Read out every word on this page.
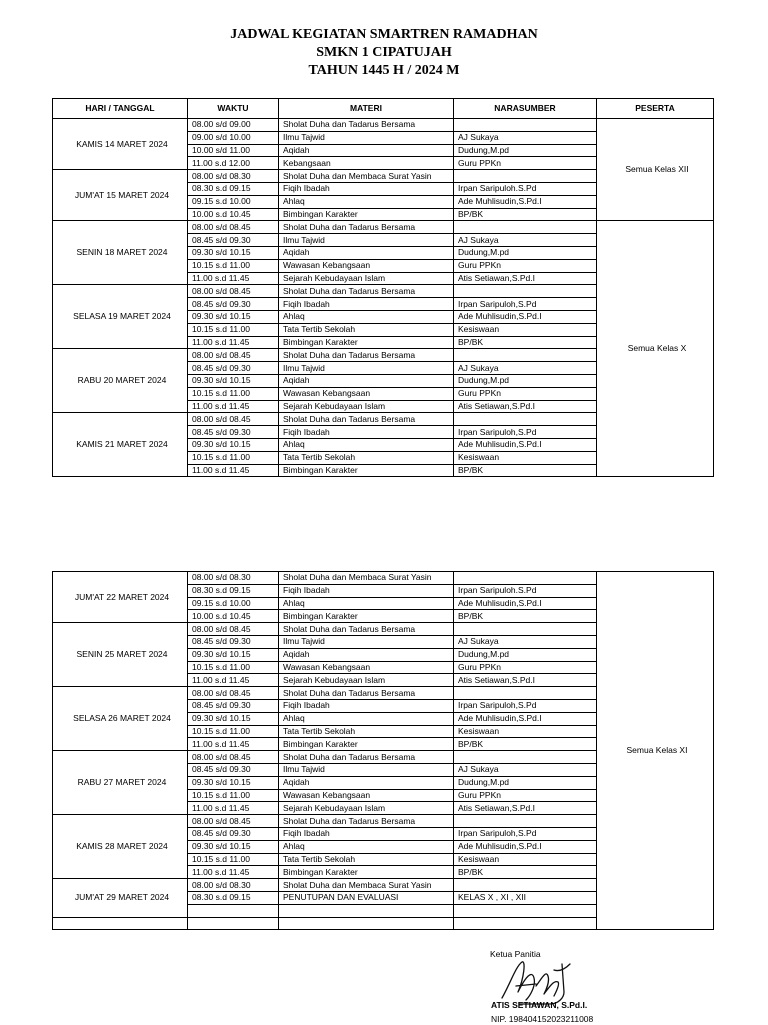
JADWAL KEGIATAN SMARTREN RAMADHAN
SMKN 1 CIPATUJAH
TAHUN 1445 H / 2024 M
HARI / TANGGAL	WAKTU	MATERI	NARASUMBER	PESERTA
KAMIS 14 MARET 2024	08.00 s/d 09.00	Sholat Duha dan Tadarus Bersama		Semua Kelas XII
	09.00 s/d 10.00	Ilmu Tajwid	AJ Sukaya	
	10.00 s/d 11.00	Aqidah	Dudung,M.pd	
	11.00 s.d 12.00	Kebangsaan	Guru PPKn	
JUM'AT 15 MARET 2024	08.00 s/d 08.30	Sholat Duha dan Membaca Surat Yasin		
	08.30 s.d 09.15	Fiqih Ibadah	Irpan Saripuloh.S.Pd	
	09.15 s.d 10.00	Ahlaq	Ade Muhlisudin,S.Pd.I	
	10.00 s.d 10.45	Bimbingan Karakter	BP/BK	
SENIN 18 MARET 2024	08.00 s/d 08.45	Sholat Duha dan Tadarus Bersama		Semua Kelas X
	08.45 s/d 09.30	Ilmu Tajwid	AJ Sukaya	
	09.30 s/d 10.15	Aqidah	Dudung,M.pd	
	10.15 s.d 11.00	Wawasan Kebangsaan	Guru PPKn	
	11.00 s.d 11.45	Sejarah Kebudayaan Islam	Atis Setiawan,S.Pd.I	
SELASA 19 MARET 2024	08.00 s/d 08.45	Sholat Duha dan Tadarus Bersama		
	08.45 s/d 09.30	Fiqih Ibadah	Irpan Saripuloh,S.Pd	
	09.30 s/d 10.15	Ahlaq	Ade Muhlisudin,S.Pd.I	
	10.15 s.d 11.00	Tata Tertib Sekolah	Kesiswaan	
	11.00 s.d 11.45	Bimbingan Karakter	BP/BK	
RABU 20 MARET 2024	08.00 s/d 08.45	Sholat Duha dan Tadarus Bersama		
	08.45 s/d 09.30	Ilmu Tajwid	AJ Sukaya	
	09.30 s/d 10.15	Aqidah	Dudung,M.pd	
	10.15 s.d 11.00	Wawasan Kebangsaan	Guru PPKn	
	11.00 s.d 11.45	Sejarah Kebudayaan Islam	Atis Setiawan,S.Pd.I	
KAMIS 21 MARET 2024	08.00 s/d 08.45	Sholat Duha dan Tadarus Bersama		
	08.45 s/d 09.30	Fiqih Ibadah	Irpan Saripuloh,S.Pd	
	09.30 s/d 10.15	Ahlaq	Ade Muhlisudin,S.Pd.I	
	10.15 s.d 11.00	Tata Tertib Sekolah	Kesiswaan	
	11.00 s.d 11.45	Bimbingan Karakter	BP/BK	
JUM'AT 22 MARET 2024	08.00 s/d 08.30	Sholat Duha dan Membaca Surat Yasin		Semua Kelas XI
	08.30 s.d 09.15	Fiqih Ibadah	Irpan Saripuloh.S.Pd	
	09.15 s.d 10.00	Ahlaq	Ade Muhlisudin,S.Pd.I	
	10.00 s.d 10.45	Bimbingan Karakter	BP/BK	
SENIN 25 MARET 2024	08.00 s/d 08.45	Sholat Duha dan Tadarus Bersama		
	08.45 s/d 09.30	Ilmu Tajwid	AJ Sukaya	
	09.30 s/d 10.15	Aqidah	Dudung,M.pd	
	10.15 s.d 11.00	Wawasan Kebangsaan	Guru PPKn	
	11.00 s.d 11.45	Sejarah Kebudayaan Islam	Atis Setiawan,S.Pd.I	
SELASA 26 MARET 2024	08.00 s/d 08.45	Sholat Duha dan Tadarus Bersama		
	08.45 s/d 09.30	Fiqih Ibadah	Irpan Saripuloh,S.Pd	
	09.30 s/d 10.15	Ahlaq	Ade Muhlisudin,S.Pd.I	
	10.15 s.d 11.00	Tata Tertib Sekolah	Kesiswaan	
	11.00 s.d 11.45	Bimbingan Karakter	BP/BK	
RABU 27 MARET 2024	08.00 s/d 08.45	Sholat Duha dan Tadarus Bersama		
	08.45 s/d 09.30	Ilmu Tajwid	AJ Sukaya	
	09.30 s/d 10.15	Aqidah	Dudung,M.pd	
	10.15 s.d 11.00	Wawasan Kebangsaan	Guru PPKn	
	11.00 s.d 11.45	Sejarah Kebudayaan Islam	Atis Setiawan,S.Pd.I	
KAMIS 28 MARET 2024	08.00 s/d 08.45	Sholat Duha dan Tadarus Bersama		
	08.45 s/d 09.30	Fiqih Ibadah	Irpan Saripuloh,S.Pd	
	09.30 s/d 10.15	Ahlaq	Ade Muhlisudin,S.Pd.I	
	10.15 s.d 11.00	Tata Tertib Sekolah	Kesiswaan	
	11.00 s.d 11.45	Bimbingan Karakter	BP/BK	
JUM'AT 29 MARET 2024	08.00 s/d 08.30	Sholat Duha dan Membaca Surat Yasin		
	08.30 s.d 09.15	PENUTUPAN DAN EVALUASI	KELAS X , XI , XII	

Ketua Panitia
ATIS SETIAWAN, S.Pd.I.
NIP. 198404152023211008
